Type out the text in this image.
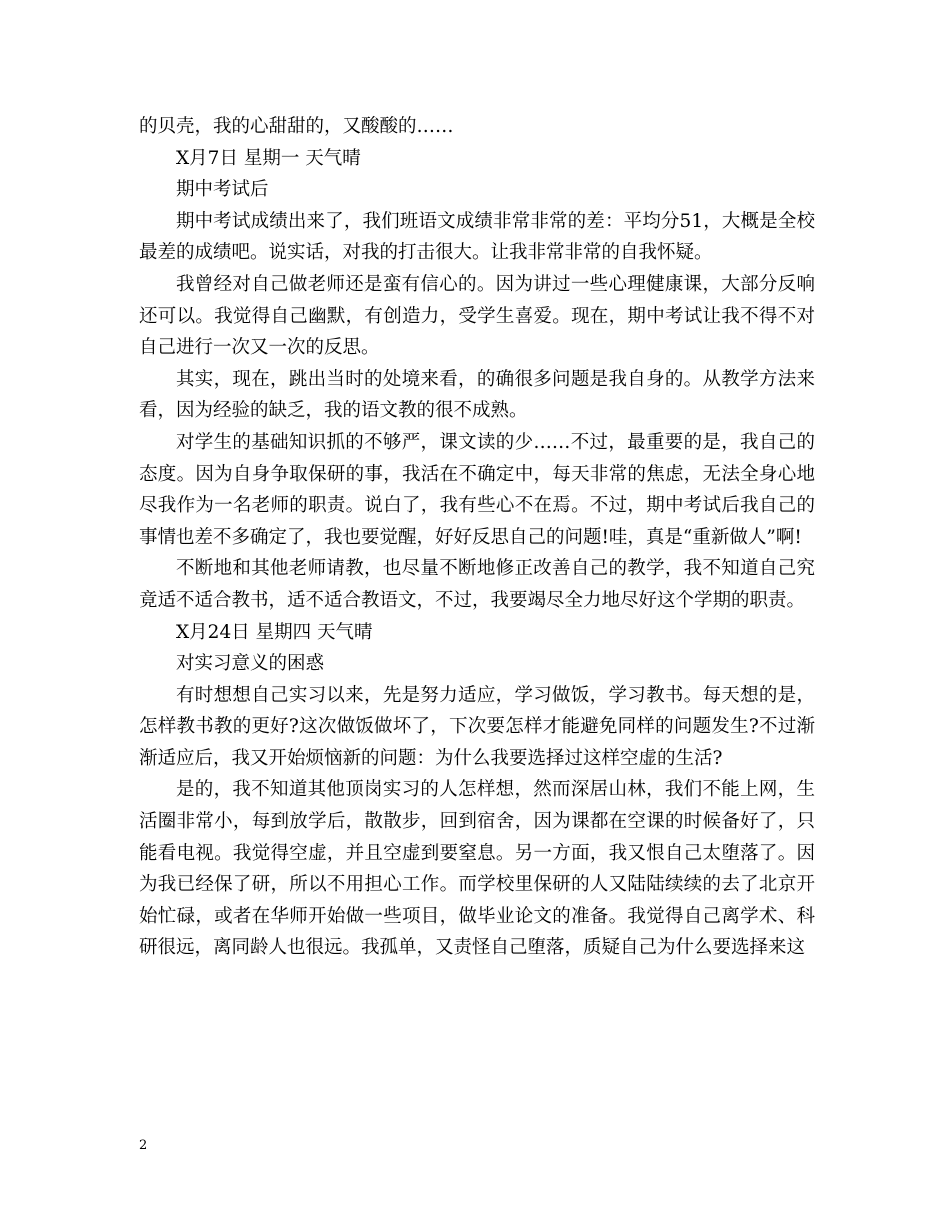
的贝壳，我的心甜甜的，又酸酸的……

X月7日 星期一 天气晴

期中考试后

期中考试成绩出来了，我们班语文成绩非常非常的差：平均分51，大概是全校最差的成绩吧。说实话，对我的打击很大。让我非常非常的自我怀疑。

我曾经对自己做老师还是蛮有信心的。因为讲过一些心理健康课，大部分反响还可以。我觉得自己幽默，有创造力，受学生喜爱。现在，期中考试让我不得不对自己进行一次又一次的反思。

其实，现在，跳出当时的处境来看，的确很多问题是我自身的。从教学方法来看，因为经验的缺乏，我的语文教的很不成熟。

对学生的基础知识抓的不够严，课文读的少……不过，最重要的是，我自己的态度。因为自身争取保研的事，我活在不确定中，每天非常的焦虑，无法全身心地尽我作为一名老师的职责。说白了，我有些心不在焉。不过，期中考试后我自己的事情也差不多确定了，我也要觉醒，好好反思自己的问题!哇，真是“重新做人”啊!

不断地和其他老师请教，也尽量不断地修正改善自己的教学，我不知道自己究竟适不适合教书，适不适合教语文，不过，我要竭尽全力地尽好这个学期的职责。

X月24日 星期四 天气晴

对实习意义的困惑

有时想想自己实习以来，先是努力适应，学习做饭，学习教书。每天想的是，怎样教书教的更好?这次做饭做坏了，下次要怎样才能避免同样的问题发生?不过渐渐适应后，我又开始烦恼新的问题：为什么我要选择过这样空虚的生活?

是的，我不知道其他顶岗实习的人怎样想，然而深居山林，我们不能上网，生活圈非常小，每到放学后，散散步，回到宿舍，因为课都在空课的时候备好了，只能看电视。我觉得空虚，并且空虚到要窒息。另一方面，我又恨自己太堕落了。因为我已经保了研，所以不用担心工作。而学校里保研的人又陆陆续续的去了北京开始忙碌，或者在华师开始做一些项目，做毕业论文的准备。我觉得自己离学术、科研很远，离同龄人也很远。我孤单，又责怪自己堕落，质疑自己为什么要选择来这

2
